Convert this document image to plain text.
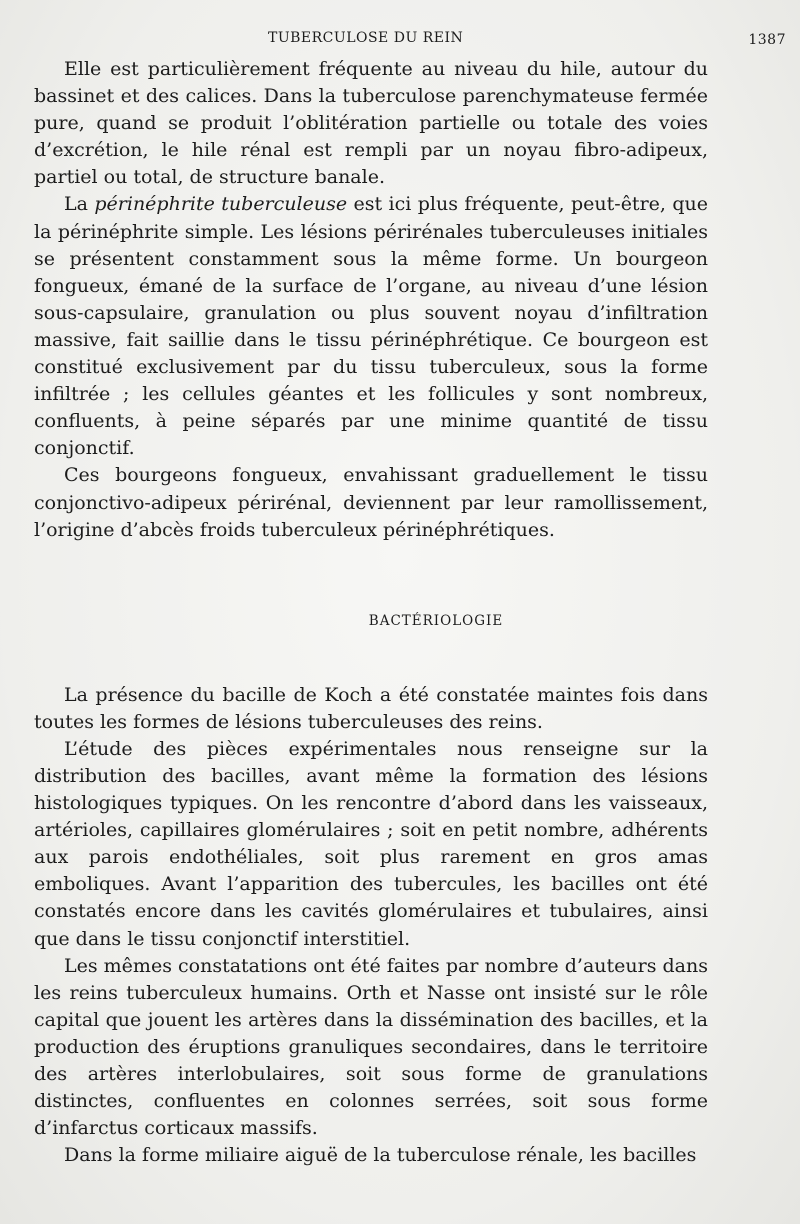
TUBERCULOSE DU REIN	1387

Elle est particulièrement fréquente au niveau du hile, autour du bassinet et des calices. Dans la tuberculose parenchymateuse fermée pure, quand se produit l’oblitération partielle ou totale des voies d’excrétion, le hile rénal est rempli par un noyau fibro-adipeux, partiel ou total, de structure banale.

La périnéphrite tuberculeuse est ici plus fréquente, peut-être, que la périnéphrite simple. Les lésions périrénales tuberculeuses initiales se présentent constamment sous la même forme. Un bourgeon fongueux, émané de la surface de l’organe, au niveau d’une lésion sous-capsulaire, granulation ou plus souvent noyau d’infiltration massive, fait saillie dans le tissu périnéphrétique. Ce bourgeon est constitué exclusivement par du tissu tuberculeux, sous la forme infiltrée ; les cellules géantes et les follicules y sont nombreux, confluents, à peine séparés par une minime quantité de tissu conjonctif.

Ces bourgeons fongueux, envahissant graduellement le tissu conjonctivo-adipeux périrénal, deviennent par leur ramollissement, l’origine d’abcès froids tuberculeux périnéphrétiques.

BACTÉRIOLOGIE

La présence du bacille de Koch a été constatée maintes fois dans toutes les formes de lésions tuberculeuses des reins.

L’étude des pièces expérimentales nous renseigne sur la distribution des bacilles, avant même la formation des lésions histologiques typiques. On les rencontre d’abord dans les vaisseaux, artérioles, capillaires glomérulaires ; soit en petit nombre, adhérents aux parois endothéliales, soit plus rarement en gros amas emboliques. Avant l’apparition des tubercules, les bacilles ont été constatés encore dans les cavités glomérulaires et tubulaires, ainsi que dans le tissu conjonctif interstitiel.

Les mêmes constatations ont été faites par nombre d’auteurs dans les reins tuberculeux humains. Orth et Nasse ont insisté sur le rôle capital que jouent les artères dans la dissémination des bacilles, et la production des éruptions granuliques secondaires, dans le territoire des artères interlobulaires, soit sous forme de granulations distinctes, confluentes en colonnes serrées, soit sous forme d’infarctus corticaux massifs.

Dans la forme miliaire aiguë de la tuberculose rénale, les bacilles
